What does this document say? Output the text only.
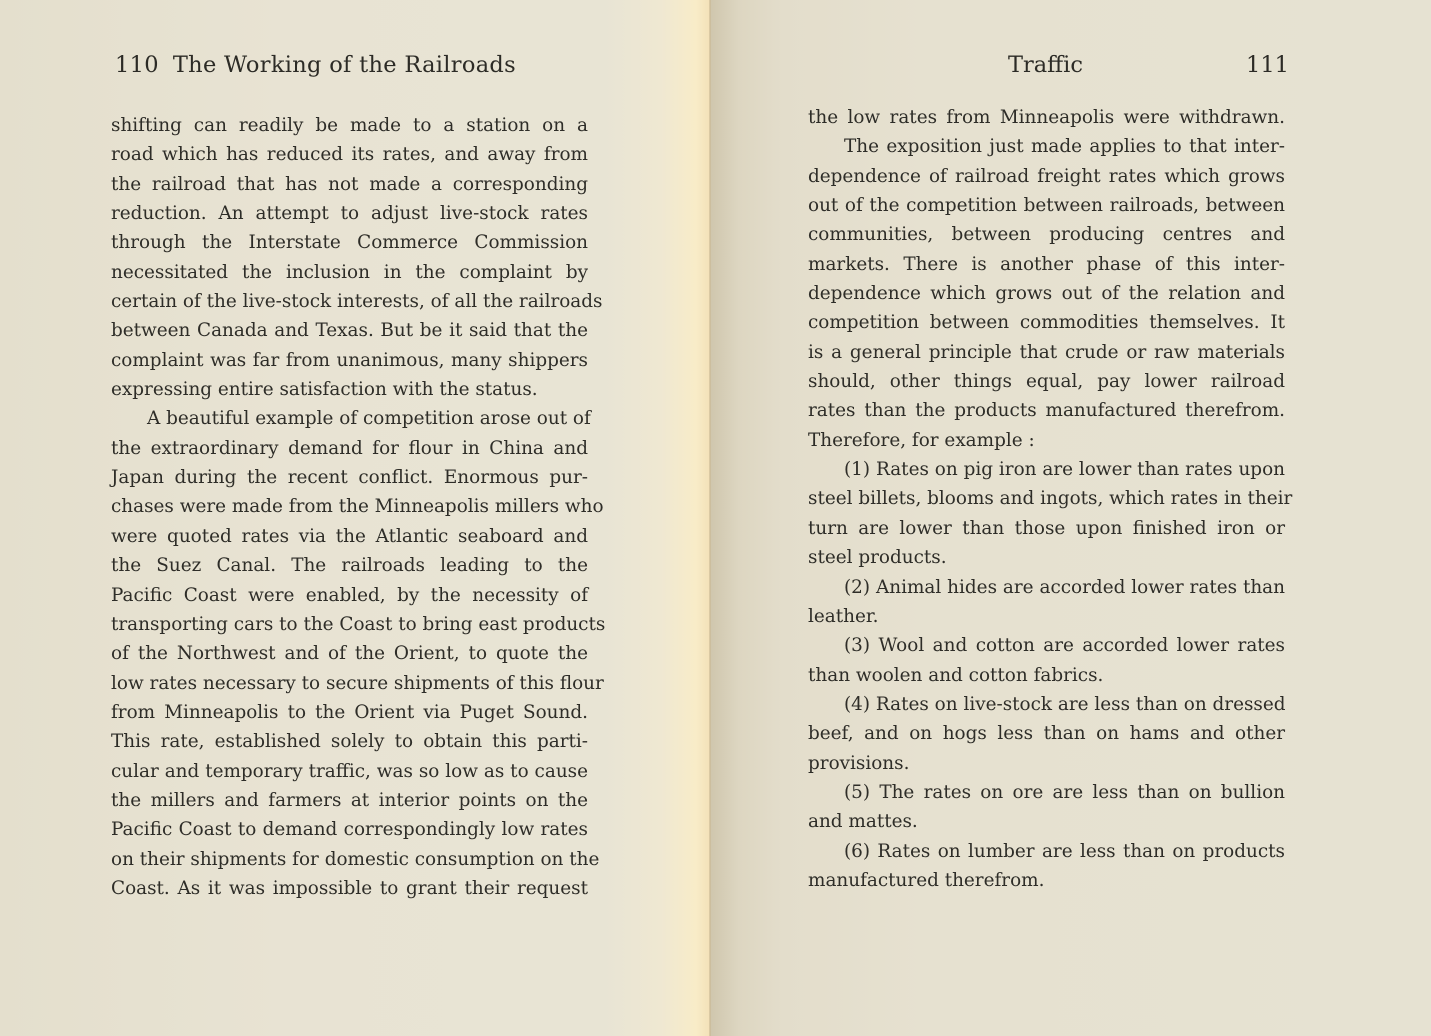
110 The Working of the Railroads
shifting can readily be made to a station on a
road which has reduced its rates, and away from
the railroad that has not made a corresponding
reduction. An attempt to adjust live-stock rates
through the Interstate Commerce Commission
necessitated the inclusion in the complaint by
certain of the live-stock interests, of all the railroads
between Canada and Texas. But be it said that the
complaint was far from unanimous, many shippers
expressing entire satisfaction with the status.
A beautiful example of competition arose out of
the extraordinary demand for flour in China and
Japan during the recent conflict. Enormous pur-
chases were made from the Minneapolis millers who
were quoted rates via the Atlantic seaboard and
the Suez Canal. The railroads leading to the
Pacific Coast were enabled, by the necessity of
transporting cars to the Coast to bring east products
of the Northwest and of the Orient, to quote the
low rates necessary to secure shipments of this flour
from Minneapolis to the Orient via Puget Sound.
This rate, established solely to obtain this parti-
cular and temporary traffic, was so low as to cause
the millers and farmers at interior points on the
Pacific Coast to demand correspondingly low rates
on their shipments for domestic consumption on the
Coast. As it was impossible to grant their request
Traffic	111
the low rates from Minneapolis were withdrawn.
The exposition just made applies to that inter-
dependence of railroad freight rates which grows
out of the competition between railroads, between
communities, between producing centres and
markets. There is another phase of this inter-
dependence which grows out of the relation and
competition between commodities themselves. It
is a general principle that crude or raw materials
should, other things equal, pay lower railroad
rates than the products manufactured therefrom.
Therefore, for example :
(1) Rates on pig iron are lower than rates upon
steel billets, blooms and ingots, which rates in their
turn are lower than those upon finished iron or
steel products.
(2) Animal hides are accorded lower rates than
leather.
(3) Wool and cotton are accorded lower rates
than woolen and cotton fabrics.
(4) Rates on live-stock are less than on dressed
beef, and on hogs less than on hams and other
provisions.
(5) The rates on ore are less than on bullion
and mattes.
(6) Rates on lumber are less than on products
manufactured therefrom.
